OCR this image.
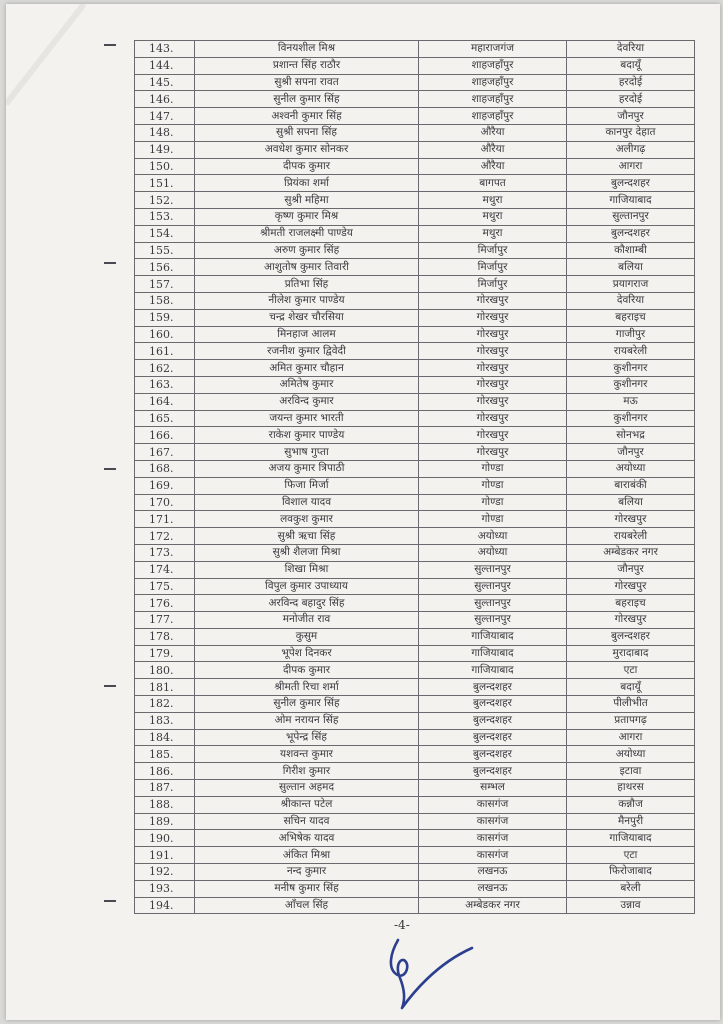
143.	विनयशील मिश्र	महाराजगंज	देवरिया
144.	प्रशान्त सिंह राठौर	शाहजहाँपुर	बदायूँ
145.	सुश्री सपना रावत	शाहजहाँपुर	हरदोई
146.	सुनील कुमार सिंह	शाहजहाँपुर	हरदोई
147.	अश्वनी कुमार सिंह	शाहजहाँपुर	जौनपुर
148.	सुश्री सपना सिंह	औरैया	कानपुर देहात
149.	अवधेश कुमार सोनकर	औरैया	अलीगढ़
150.	दीपक कुमार	औरैया	आगरा
151.	प्रियंका शर्मा	बागपत	बुलन्दशहर
152.	सुश्री महिमा	मथुरा	गाजियाबाद
153.	कृष्ण कुमार मिश्र	मथुरा	सुल्तानपुर
154.	श्रीमती राजलक्ष्मी पाण्डेय	मथुरा	बुलन्दशहर
155.	अरुण कुमार सिंह	मिर्जापुर	कौशाम्बी
156.	आशुतोष कुमार तिवारी	मिर्जापुर	बलिया
157.	प्रतिभा सिंह	मिर्जापुर	प्रयागराज
158.	नीलेश कुमार पाण्डेय	गोरखपुर	देवरिया
159.	चन्द्र शेखर चौरसिया	गोरखपुर	बहराइच
160.	मिनहाज आलम	गोरखपुर	गाजीपुर
161.	रजनीश कुमार द्विवेदी	गोरखपुर	रायबरेली
162.	अमित कुमार चौहान	गोरखपुर	कुशीनगर
163.	अमितेष कुमार	गोरखपुर	कुशीनगर
164.	अरविन्द कुमार	गोरखपुर	मऊ
165.	जयन्त कुमार भारती	गोरखपुर	कुशीनगर
166.	राकेश कुमार पाण्डेय	गोरखपुर	सोनभद्र
167.	सुभाष गुप्ता	गोरखपुर	जौनपुर
168.	अजय कुमार त्रिपाठी	गोण्डा	अयोध्या
169.	फिजा मिर्जा	गोण्डा	बाराबंकी
170.	विशाल यादव	गोण्डा	बलिया
171.	लवकुश कुमार	गोण्डा	गोरखपुर
172.	सुश्री ऋचा सिंह	अयोध्या	रायबरेली
173.	सुश्री शैलजा मिश्रा	अयोध्या	अम्बेडकर नगर
174.	शिखा मिश्रा	सुल्तानपुर	जौनपुर
175.	विपुल कुमार उपाध्याय	सुल्तानपुर	गोरखपुर
176.	अरविन्द बहादुर सिंह	सुल्तानपुर	बहराइच
177.	मनोजीत राव	सुल्तानपुर	गोरखपुर
178.	कुसुम	गाजियाबाद	बुलन्दशहर
179.	भूपेश दिनकर	गाजियाबाद	मुरादाबाद
180.	दीपक कुमार	गाजियाबाद	एटा
181.	श्रीमती रिचा शर्मा	बुलन्दशहर	बदायूँ
182.	सुनील कुमार सिंह	बुलन्दशहर	पीलीभीत
183.	ओम नरायन सिंह	बुलन्दशहर	प्रतापगढ़
184.	भूपेन्द्र सिंह	बुलन्दशहर	आगरा
185.	यशवन्त कुमार	बुलन्दशहर	अयोध्या
186.	गिरीश कुमार	बुलन्दशहर	इटावा
187.	सुल्तान अहमद	सम्भल	हाथरस
188.	श्रीकान्त पटेल	कासगंज	कन्नौज
189.	सचिन यादव	कासगंज	मैनपुरी
190.	अभिषेक यादव	कासगंज	गाजियाबाद
191.	अंकित मिश्रा	कासगंज	एटा
192.	नन्द कुमार	लखनऊ	फिरोजाबाद
193.	मनीष कुमार सिंह	लखनऊ	बरेली
194.	आँचल सिंह	अम्बेडकर नगर	उन्नाव
-4-
